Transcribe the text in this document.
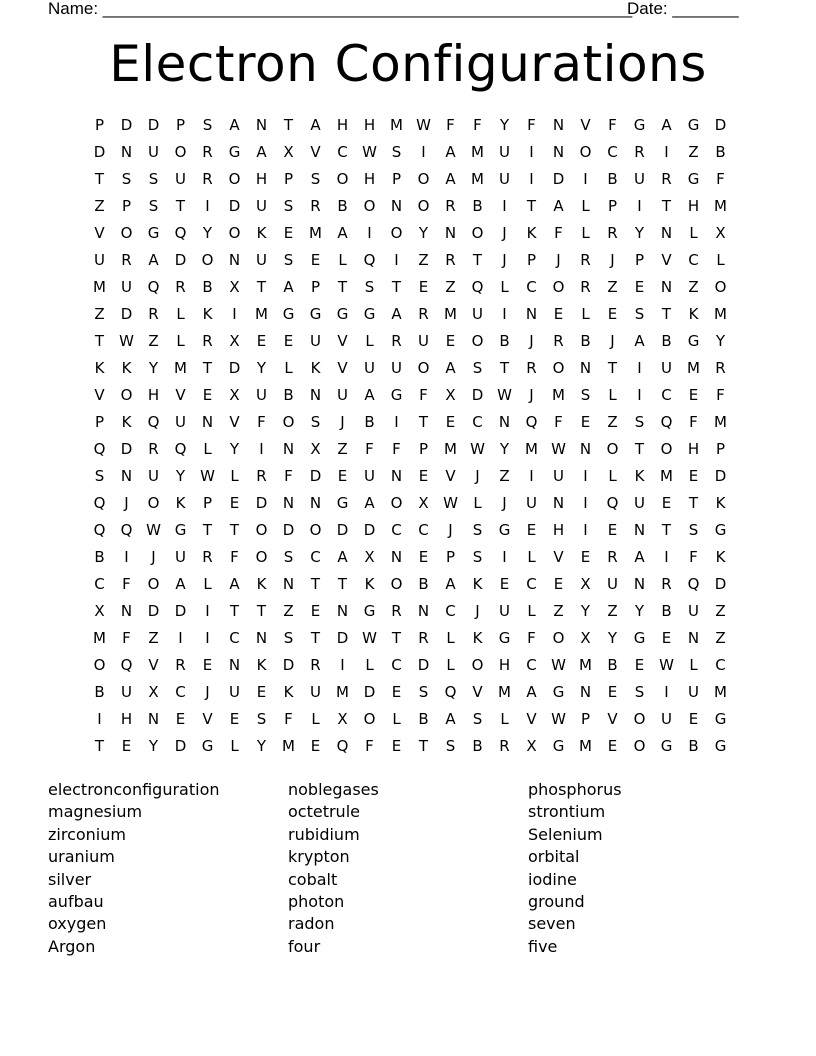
Name: ________________________________________________________
Date: _______
Electron Configurations
P	D	D	P	S	A	N	T	A	H	H M W	F	F	Y	F	N	V	F	G	A	G	D
D	N	U	O	R	G	A	X	V	C W S	I	A	M	U	I	N	O	C	R	I	Z	B
T	S	S	U	R	O	H	P	S	O	H	P	O	A	M	U	I	D	I	B	U	R	G	F
Z	P	S	T	I	D	U	S	R	B	O	N	O	R	B	I	T	A	L	P	I	T	H M
V	O	G	Q	Y	O	K	E	M	A	I	O	Y	N	O	J	K	F	L	R	Y	N	L	X
U	R	A	D	O	N	U	S	E	L	Q	I	Z	R	T	J	P	J	R	J	P	V	C	L
M	U	Q	R	B	X	T	A	P	T	S	T	E	Z	Q	L	C	O	R	Z	E	N	Z	O
Z	D	R	L	K	I	M G	G	G	G	A	R	M	U	I	N	E	L	E	S	T	K	M
T	W Z	L	R	X	E	E	U	V	L	R	U	E	O	B	J	R	B	J	A	B	G	Y
K	K	Y	M	T	D	Y	L	K	V	U	U	O	A	S	T	R	O	N	T	I	U	M	R
V	O	H	V	E	X	U	B	N	U	A	G	F	X	D W	J	M	S	L	I	C	E	F
P	K	Q	U	N	V	F	O	S	J	B	I	T	E	C	N	Q	F	E	Z	S	Q	F	M
Q	D	R	Q	L	Y	I	N	X	Z	F	F	P	M W Y	M W N	O	T	O	H	P
S	N	U	Y	W	L	R	F	D	E	U	N	E	V	J	Z	I	U	I	L	K	M	E	D
Q	J	O	K	P	E	D	N	N	G	A	O	X W	L	J	U	N	I	Q	U	E	T	K
Q	Q W G	T	T	O	D	O	D	D	C	C	J	S	G	E	H	I	E	N	T	S	G
B	I	J	U	R	F	O	S	C	A	X	N	E	P	S	I	L	V	E	R	A	I	F	K
C	F	O	A	L	A	K	N	T	T	K	O	B	A	K	E	C	E	X	U	N	R	Q	D
X	N	D	D	I	T	T	Z	E	N	G	R	N	C	J	U	L	Z	Y	Z	Y	B	U	Z
M	F	Z	I	I	C	N	S	T	D W T	R	L	K	G	F	O	X	Y	G	E	N	Z
O	Q	V	R	E	N	K	D	R	I	L	C	D	L	O	H	C W M	B	E W	L	C
B	U	X	C	J	U	E	K	U	M D	E	S	Q	V	M	A	G	N	E	S	I	U	M
I	H	N	E	V	E	S	F	L	X	O	L	B	A	S	L	V W	P	V	O	U	E	G
T	E	Y	D	G	L	Y	M	E	Q	F	E	T	S	B	R	X	G M	E	O	G	B	G
electronconfiguration
magnesium
zirconium
uranium
silver
aufbau
oxygen
Argon
noblegases
octetrule
rubidium
krypton
cobalt
photon
radon
four
phosphorus
strontium
Selenium
orbital
iodine
ground
seven
five
